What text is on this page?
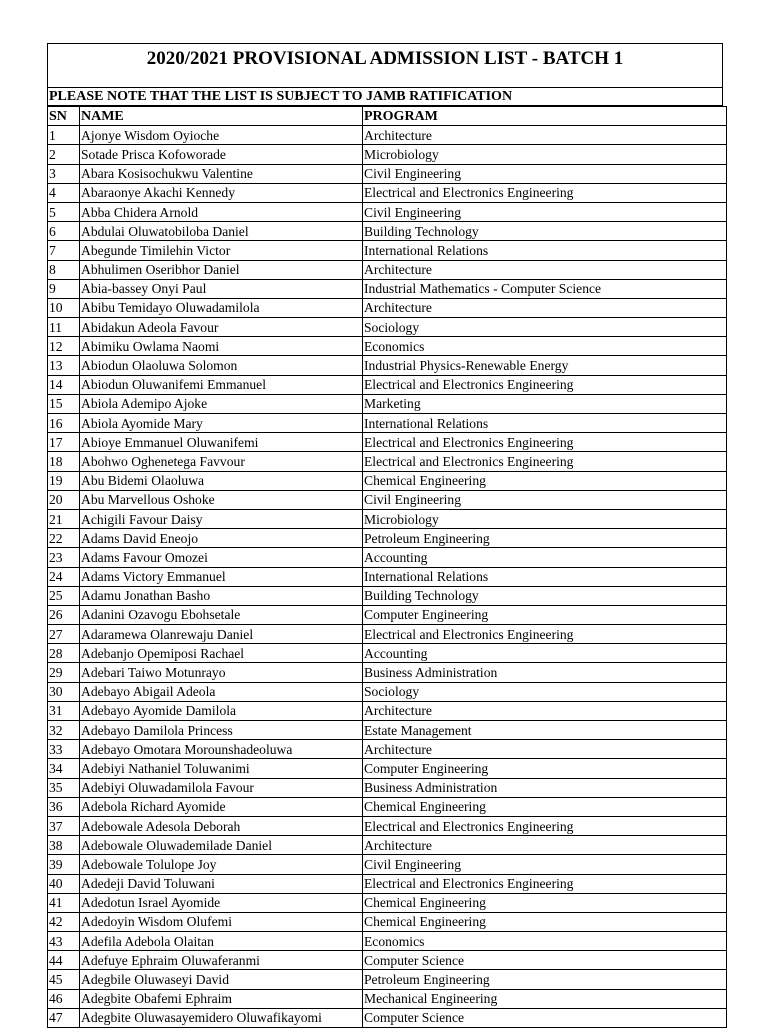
2020/2021 PROVISIONAL ADMISSION LIST - BATCH 1
PLEASE NOTE THAT THE LIST IS SUBJECT TO JAMB RATIFICATION
SN	NAME	PROGRAM
1	Ajonye Wisdom Oyioche	Architecture
2	Sotade Prisca Kofoworade	Microbiology
3	Abara Kosisochukwu Valentine	Civil Engineering
4	Abaraonye Akachi Kennedy	Electrical and Electronics Engineering
5	Abba Chidera Arnold	Civil Engineering
6	Abdulai Oluwatobiloba Daniel	Building Technology
7	Abegunde Timilehin Victor	International Relations
8	Abhulimen Oseribhor Daniel	Architecture
9	Abia-bassey Onyi Paul	Industrial Mathematics - Computer Science
10	Abibu Temidayo Oluwadamilola	Architecture
11	Abidakun Adeola Favour	Sociology
12	Abimiku Owlama Naomi	Economics
13	Abiodun Olaoluwa Solomon	Industrial Physics-Renewable Energy
14	Abiodun Oluwanifemi Emmanuel	Electrical and Electronics Engineering
15	Abiola Ademipo Ajoke	Marketing
16	Abiola Ayomide Mary	International Relations
17	Abioye Emmanuel Oluwanifemi	Electrical and Electronics Engineering
18	Abohwo Oghenetega Favvour	Electrical and Electronics Engineering
19	Abu Bidemi Olaoluwa	Chemical Engineering
20	Abu Marvellous Oshoke	Civil Engineering
21	Achigili Favour Daisy	Microbiology
22	Adams David Eneojo	Petroleum Engineering
23	Adams Favour Omozei	Accounting
24	Adams Victory Emmanuel	International Relations
25	Adamu Jonathan Basho	Building Technology
26	Adanini Ozavogu Ebohsetale	Computer Engineering
27	Adaramewa Olanrewaju Daniel	Electrical and Electronics Engineering
28	Adebanjo Opemiposi Rachael	Accounting
29	Adebari Taiwo Motunrayo	Business Administration
30	Adebayo Abigail Adeola	Sociology
31	Adebayo Ayomide Damilola	Architecture
32	Adebayo Damilola Princess	Estate Management
33	Adebayo Omotara Morounshadeoluwa	Architecture
34	Adebiyi Nathaniel Toluwanimi	Computer Engineering
35	Adebiyi Oluwadamilola Favour	Business Administration
36	Adebola Richard Ayomide	Chemical Engineering
37	Adebowale Adesola Deborah	Electrical and Electronics Engineering
38	Adebowale Oluwademilade Daniel	Architecture
39	Adebowale Tolulope Joy	Civil Engineering
40	Adedeji David Toluwani	Electrical and Electronics Engineering
41	Adedotun Israel Ayomide	Chemical Engineering
42	Adedoyin Wisdom Olufemi	Chemical Engineering
43	Adefila Adebola Olaitan	Economics
44	Adefuye Ephraim Oluwaferanmi	Computer Science
45	Adegbile Oluwaseyi David	Petroleum Engineering
46	Adegbite Obafemi Ephraim	Mechanical Engineering
47	Adegbite Oluwasayemidero Oluwafikayomi	Computer Science
